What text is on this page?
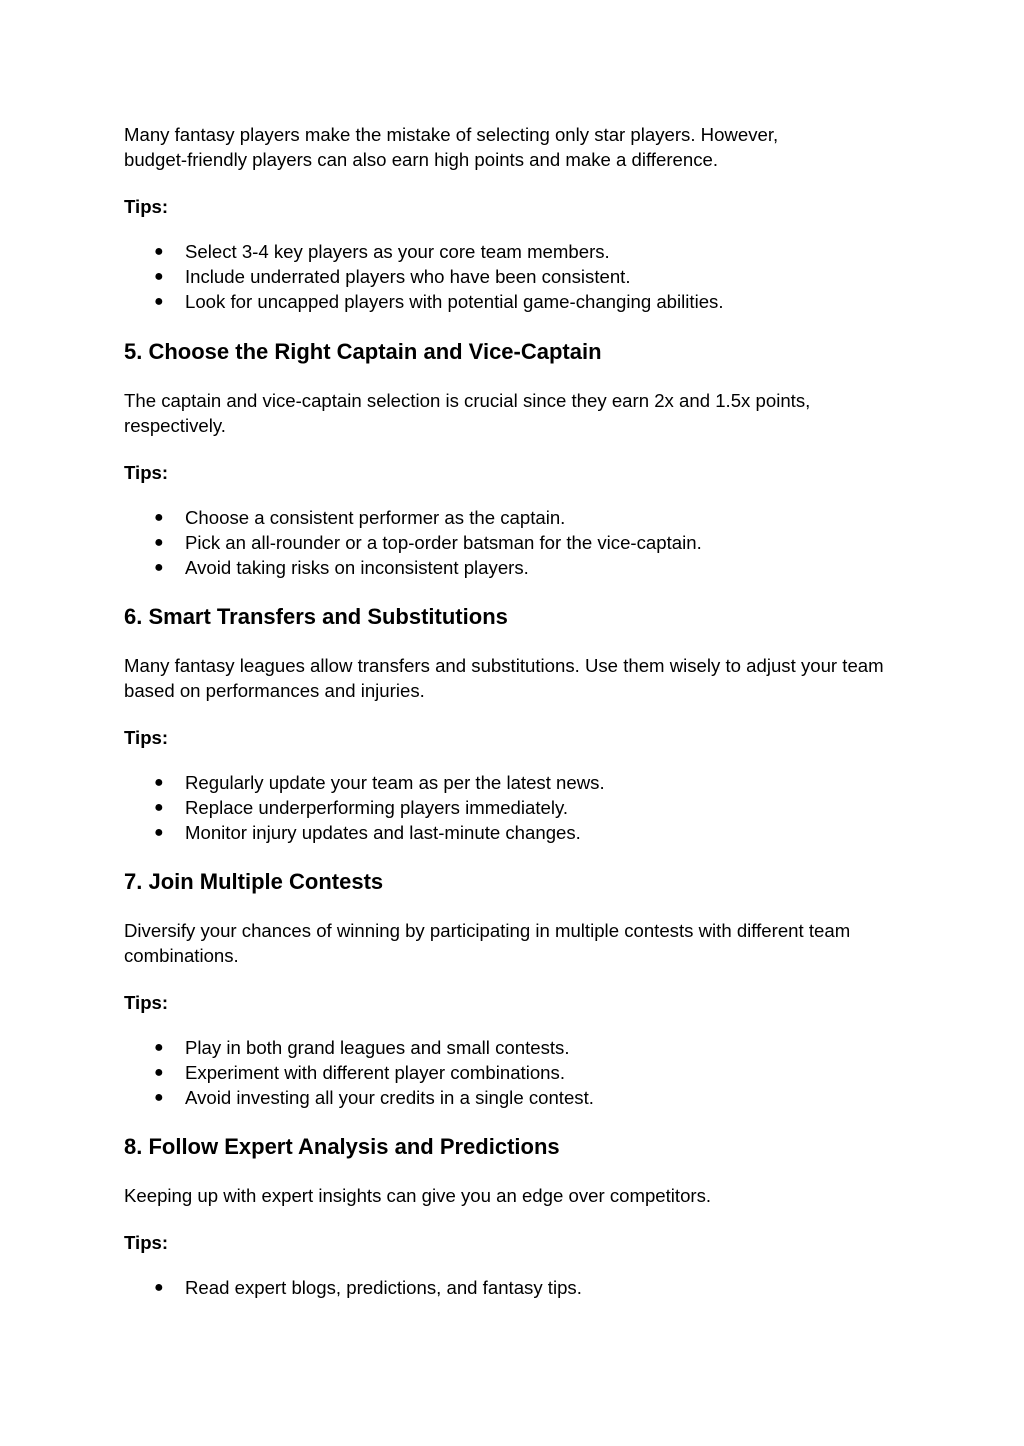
Many fantasy players make the mistake of selecting only star players. However, budget-friendly players can also earn high points and make a difference.

Tips:

● Select 3-4 key players as your core team members.
● Include underrated players who have been consistent.
● Look for uncapped players with potential game-changing abilities.
5. Choose the Right Captain and Vice-Captain

The captain and vice-captain selection is crucial since they earn 2x and 1.5x points, respectively.

Tips:

● Choose a consistent performer as the captain.
● Pick an all-rounder or a top-order batsman for the vice-captain.
● Avoid taking risks on inconsistent players.
6. Smart Transfers and Substitutions

Many fantasy leagues allow transfers and substitutions. Use them wisely to adjust your team based on performances and injuries.

Tips:

● Regularly update your team as per the latest news.
● Replace underperforming players immediately.
● Monitor injury updates and last-minute changes.
7. Join Multiple Contests

Diversify your chances of winning by participating in multiple contests with different team combinations.

Tips:

● Play in both grand leagues and small contests.
● Experiment with different player combinations.
● Avoid investing all your credits in a single contest.
8. Follow Expert Analysis and Predictions

Keeping up with expert insights can give you an edge over competitors.

Tips:

● Read expert blogs, predictions, and fantasy tips.
